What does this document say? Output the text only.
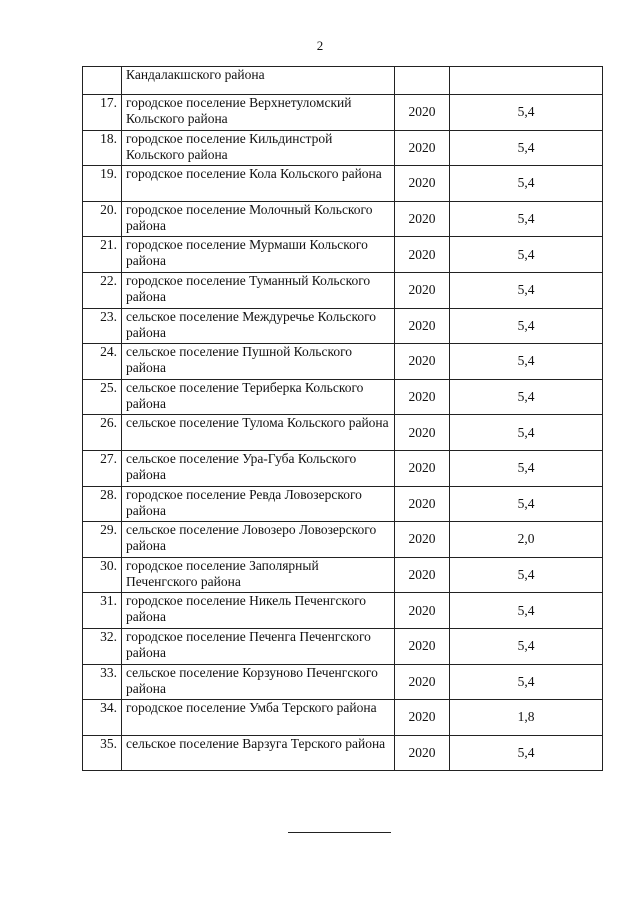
2
	Кандалакшского района		
17.	городское поселение Верхнетуломский Кольского района	2020	5,4
18.	городское поселение Кильдинстрой Кольского района	2020	5,4
19.	городское поселение Кола Кольского района	2020	5,4
20.	городское поселение Молочный Кольского района	2020	5,4
21.	городское поселение Мурмаши Кольского района	2020	5,4
22.	городское поселение Туманный Кольского района	2020	5,4
23.	сельское поселение Междуречье Кольского района	2020	5,4
24.	сельское поселение Пушной Кольского района	2020	5,4
25.	сельское поселение Териберка Кольского района	2020	5,4
26.	сельское поселение Тулома Кольского района	2020	5,4
27.	сельское поселение Ура-Губа Кольского района	2020	5,4
28.	городское поселение Ревда Ловозерского района	2020	5,4
29.	сельское поселение Ловозеро Ловозерского района	2020	2,0
30.	городское поселение Заполярный Печенгского района	2020	5,4
31.	городское поселение Никель Печенгского района	2020	5,4
32.	городское поселение Печенга Печенгского района	2020	5,4
33.	сельское поселение Корзуново Печенгского района	2020	5,4
34.	городское поселение Умба Терского района	2020	1,8
35.	сельское поселение Варзуга Терского района	2020	5,4
